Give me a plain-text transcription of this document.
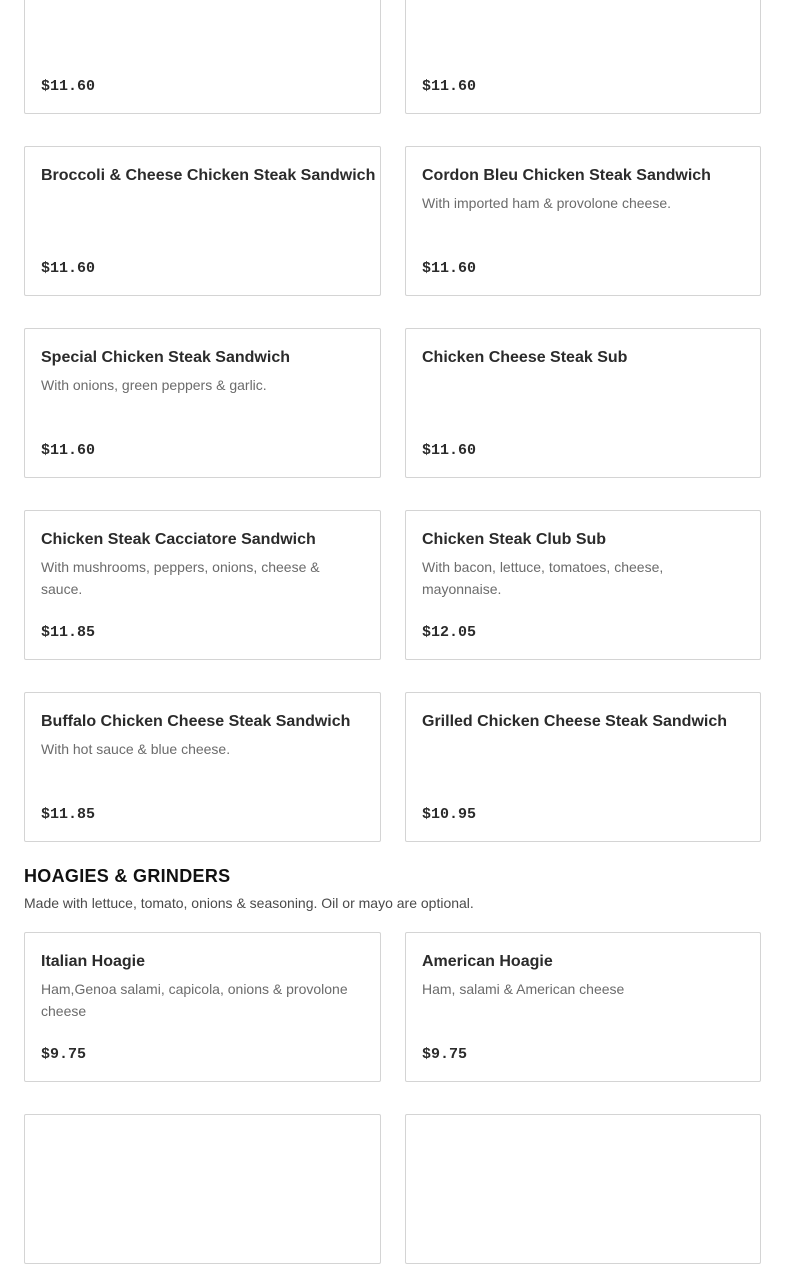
$11.60	$11.60
Broccoli & Cheese Chicken Steak Sandwich
$11.60
Cordon Bleu Chicken Steak Sandwich
With imported ham & provolone cheese.
$11.60
Special Chicken Steak Sandwich
With onions, green peppers & garlic.
$11.60
Chicken Cheese Steak Sub
$11.60
Chicken Steak Cacciatore Sandwich
With mushrooms, peppers, onions, cheese & sauce.
$11.85
Chicken Steak Club Sub
With bacon, lettuce, tomatoes, cheese, mayonnaise.
$12.05
Buffalo Chicken Cheese Steak Sandwich
With hot sauce & blue cheese.
$11.85
Grilled Chicken Cheese Steak Sandwich
$10.95
HOAGIES & GRINDERS
Made with lettuce, tomato, onions & seasoning. Oil or mayo are optional.
Italian Hoagie
Ham,Genoa salami, capicola, onions & provolone cheese
$9.75
American Hoagie
Ham, salami & American cheese
$9.75
